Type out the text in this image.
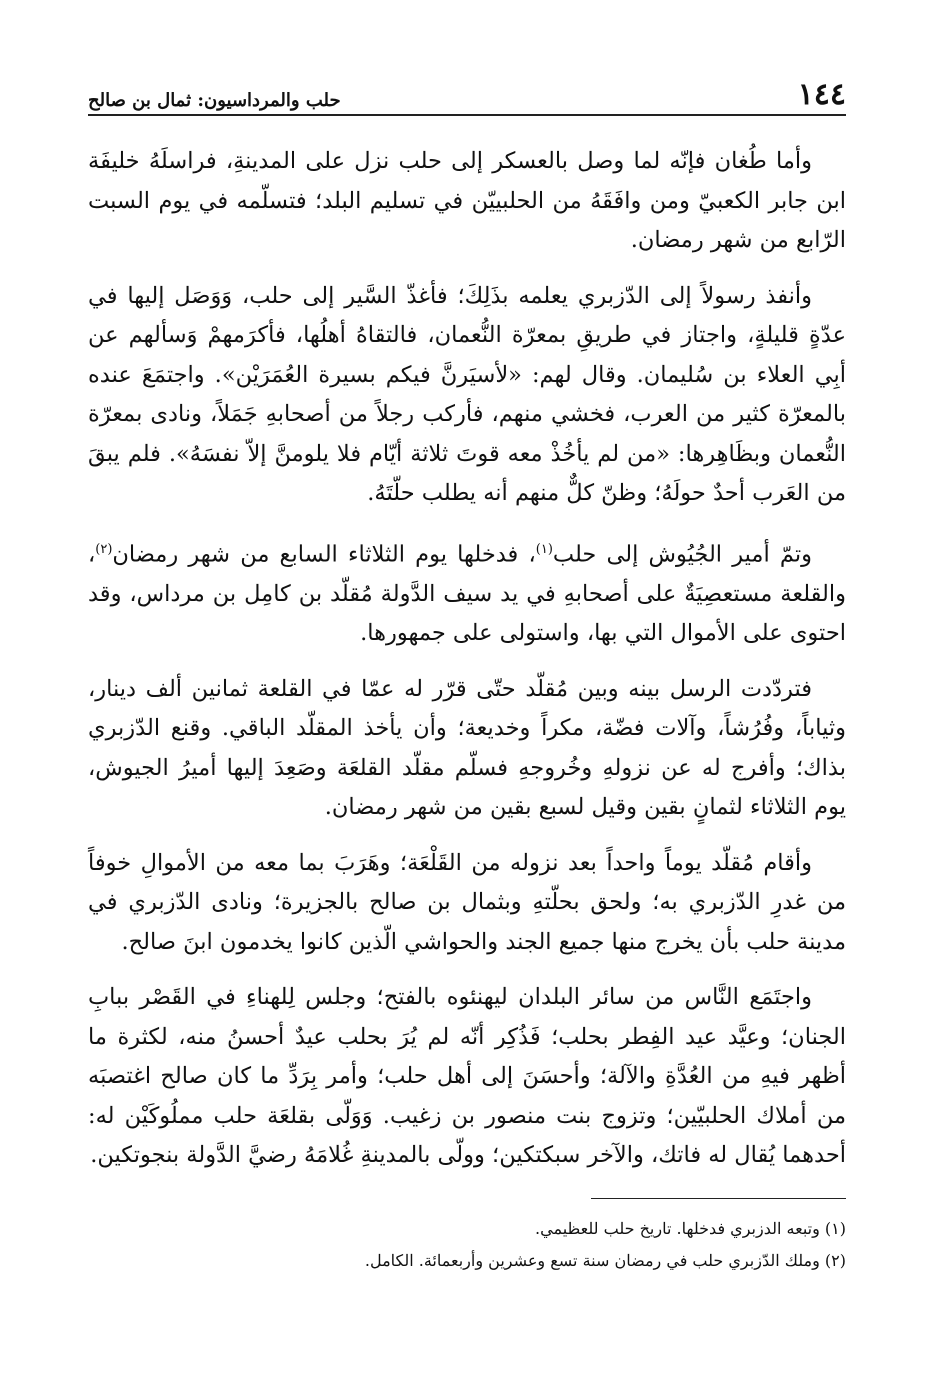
١٤٤
حلب والمرداسيون: ثمال بن صالح

وأما طُغان فإنّه لما وصل بالعسكر إلى حلب نزل على المدينةِ، فراسلَهُ خليفَة ابن جابر الكعبيّ ومن وافَقَهُ من الحلبييّن في تسليم البلد؛ فتسلّمه في يوم السبت الرّابع من شهر رمضان.

وأنفذ رسولاً إلى الدّزبري يعلمه بذَلِكَ؛ فأغذّ السَّير إلى حلب، وَوَصَل إليها في عدّةٍ قليلةٍ، واجتاز في طريقِ بمعرّة النُّعمان، فالتقاهُ أهلُها، فأكرَمهمْ وَسألهم عن أبِي العلاء بن سُليمان. وقال لهم: «لأسيَرنَّ فيكم بسيرة العُمَرَيْن». واجتمَعَ عنده بالمعرّة كثير من العرب، فخشي منهم، فأركب رجلاً من أصحابهِ جَمَلاً، ونادى بمعرّة النُّعمان وبظَاهِرها: «من لم يأخُذْ معه قوتَ ثلاثة أيّام فلا يلومنَّ إلاّ نفسَهُ». فلم يبقَ من العَرب أحدٌ حولَهُ؛ وظنّ كلٌّ منهم أنه يطلب حلّتَهُ.

وتمّ أمير الجُيُوش إلى حلب$^{(١)}$، فدخلها يوم الثلاثاء السابع من شهر رمضان$^{(٢)}$، والقلعة مستعصِيَةٌ على أصحابهِ في يد سيف الدَّولة مُقلّد بن كامِل بن مرداس، وقد احتوى على الأموال التي بها، واستولى على جمهورها.

فتردّدت الرسل بينه وبين مُقلّد حتّى قرّر له عمّا في القلعة ثمانين ألف دينار، وثياباً، وفُرُشاً، وآلات فضّة، مكراً وخديعة؛ وأن يأخذ المقلّد الباقي. وقنع الدّزبري بذاك؛ وأفرج له عن نزولهِ وخُروجهِ فسلّم مقلّد القلعَة وصَعِدَ إليها أميرُ الجيوش، يوم الثلاثاء لثمانٍ بقين وقيل لسبع بقين من شهر رمضان.

وأقام مُقلّد يوماً واحداً بعد نزوله من القَلْعَة؛ وهَرَبَ بما معه من الأموالِ خوفاً من غدرِ الدّزبري به؛ ولحق بحلّتهِ وبثمال بن صالح بالجزيرة؛ ونادى الدّزبري في مدينة حلب بأن يخرج منها جميع الجند والحواشي الّذين كانوا يخدمون ابنَ صالح.

واجتَمَع النَّاس من سائر البلدان ليهنئوه بالفتح؛ وجلس لِلهناءِ في القَصْر ببابِ الجنان؛ وعيَّد عيد الفِطر بحلب؛ فَذُكِر أنّه لم يُرَ بحلب عيدٌ أحسنُ منه، لكثرة ما أظهر فيهِ من العُدَّةِ والآلة؛ وأحسَنَ إلى أهل حلب؛ وأمر بِرَدِّ ما كان صالح اغتصبَه من أملاك الحلبيّين؛ وتزوج بنت منصور بن زغيب. وَوَلّى بقلعَة حلب مملُوكَيْن له: أحدهما يُقال له فاتك، والآخر سبكتكين؛ وولّى بالمدينةِ غُلامَهُ رضيَّ الدَّولة بنجوتكين.

(١) وتبعه الدزبري فدخلها. تاريخ حلب للعظيمي.

(٢) وملك الدّزبري حلب في رمضان سنة تسع وعشرين وأربعمائة. الكامل.
